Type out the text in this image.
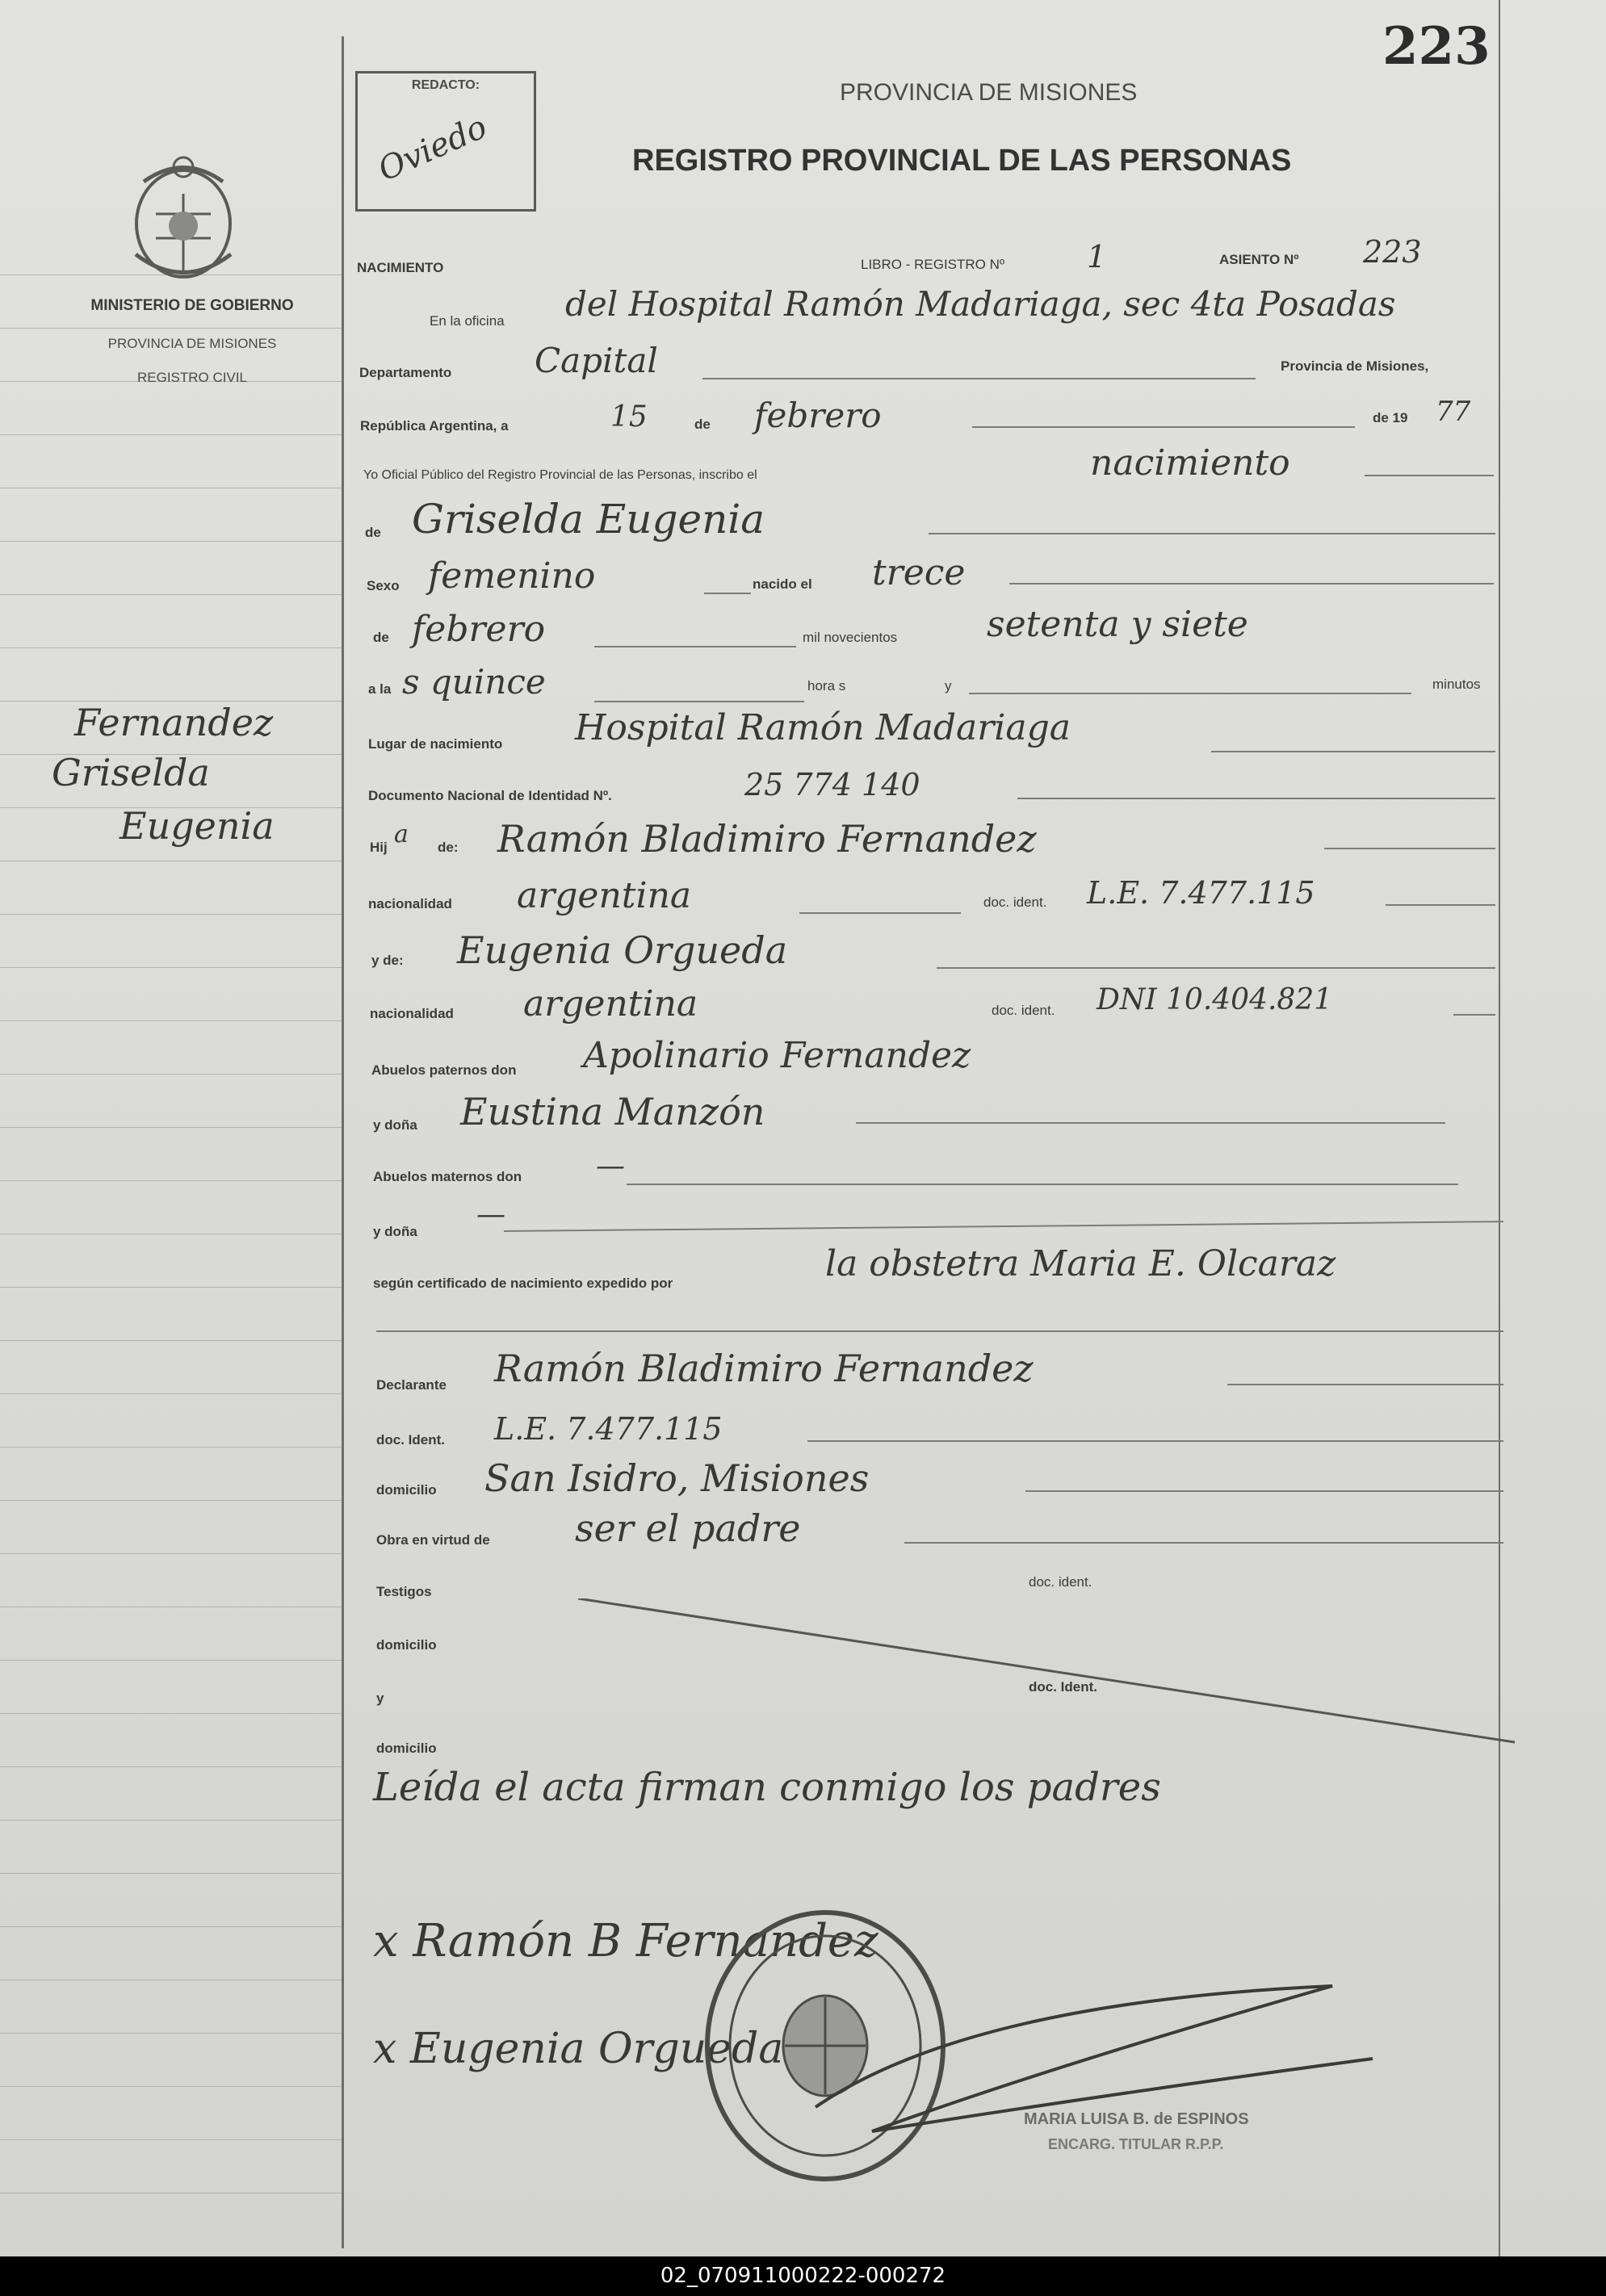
MINISTERIO DE GOBIERNO
PROVINCIA DE MISIONES
REGISTRO CIVIL
Fernandez
Griselda
Eugenia
223
REDACTO:
Oviedo
PROVINCIA DE MISIONES
REGISTRO PROVINCIAL DE LAS PERSONAS
NACIMIENTO	LIBRO - REGISTRO Nº	1	ASIENTO Nº 223
En la oficina del Hospital Ramón Madariaga, sec 4ta Posadas
Departamento Capital	Provincia de Misiones,
República Argentina, a	15	de febrero	de 19 77
Yo Oficial Público del Registro Provincial de las Personas, inscribo el	nacimiento
de Griselda Eugenia
Sexo femenino	nacido el trece
de febrero	mil novecientos	setenta y siete
a la s quince	hora s	y	minutos
Lugar de nacimiento Hospital Ramón Madariaga
Documento Nacional de Identidad Nº.	25 774 140
Hij a de: Ramón Bladimiro Fernandez
nacionalidad argentina	doc. ident. L.E. 7.477.115
y de: Eugenia Orgueda
nacionalidad argentina	doc. ident. DNI 10.404.821
Abuelos paternos don Apolinario Fernandez
y doña Eustina Manzón
Abuelos maternos don	—
y doña
—
según certificado de nacimiento expedido por	la obstetra Maria E. Olcaraz
Declarante Ramón Bladimiro Fernandez
doc. Ident. L.E. 7.477.115
domicilio San Isidro, Misiones
Obra en virtud de ser el padre
Testigos
doc. ident.
domicilio
y
doc. Ident.
domicilio
Leída el acta firman conmigo los padres
x Ramón B Fernandez
x Eugenia Orgueda
MARIA LUISA B. de ESPINOS
ENCARG. TITULAR R.P.P.
02_070911000222-000272
